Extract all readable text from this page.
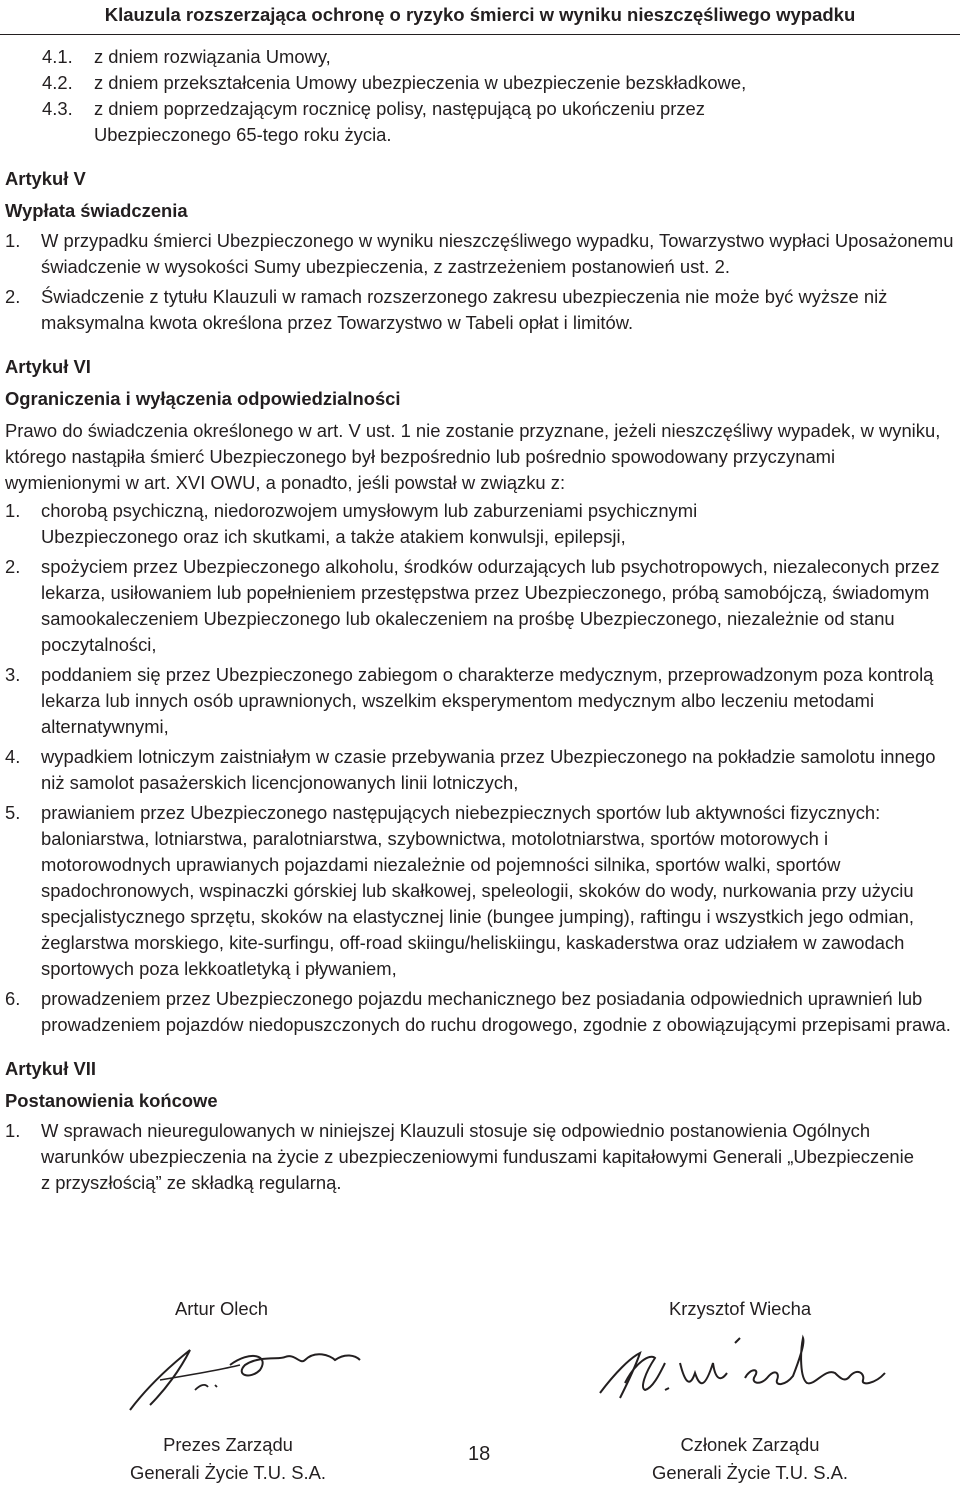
Klauzula rozszerzająca ochronę o ryzyko śmierci w wyniku nieszczęśliwego wypadku
4.1.	z dniem rozwiązania Umowy,
4.2.	z dniem przekształcenia Umowy ubezpieczenia w ubezpieczenie bezskładkowe,
4.3.	z dniem poprzedzającym rocznicę polisy, następującą po ukończeniu przez Ubezpieczonego 65-tego roku życia.

Artykuł V

Wypłata świadczenia

1.	W przypadku śmierci Ubezpieczonego w wyniku nieszczęśliwego wypadku, Towarzystwo wypłaci Uposażonemu świadczenie w wysokości Sumy ubezpieczenia, z zastrzeżeniem postanowień ust. 2.
2.	Świadczenie z tytułu Klauzuli w ramach rozszerzonego zakresu ubezpieczenia nie może być wyższe niż maksymalna kwota określona przez Towarzystwo w Tabeli opłat i limitów.

Artykuł VI

Ograniczenia i wyłączenia odpowiedzialności

Prawo do świadczenia określonego w art. V ust. 1 nie zostanie przyznane, jeżeli nieszczęśliwy wypadek, w wyniku, którego nastąpiła śmierć Ubezpieczonego był bezpośrednio lub pośrednio spowodowany przyczynami wymienionymi w art. XVI OWU, a ponadto, jeśli powstał w związku z:

1.	chorobą psychiczną, niedorozwojem umysłowym lub zaburzeniami psychicznymi Ubezpieczonego oraz ich skutkami, a także atakiem konwulsji, epilepsji,
2.	spożyciem przez Ubezpieczonego alkoholu, środków odurzających lub psychotropowych, niezaleconych przez lekarza, usiłowaniem lub popełnieniem przestępstwa przez Ubezpieczonego, próbą samobójczą, świadomym samookaleczeniem Ubezpieczonego lub okaleczeniem na prośbę Ubezpieczonego, niezależnie od stanu poczytalności,
3.	poddaniem się przez Ubezpieczonego zabiegom o charakterze medycznym, przeprowadzonym poza kontrolą lekarza lub innych osób uprawnionych, wszelkim eksperymentom medycznym albo leczeniu metodami alternatywnymi,
4.	wypadkiem lotniczym zaistniałym w czasie przebywania przez Ubezpieczonego na pokładzie samolotu innego niż samolot pasażerskich licencjonowanych linii lotniczych,
5.	prawianiem przez Ubezpieczonego następujących niebezpiecznych sportów lub aktywności fizycznych: baloniarstwa, lotniarstwa, paralotniarstwa, szybownictwa, motolotniarstwa, sportów motorowych i motorowodnych uprawianych pojazdami niezależnie od pojemności silnika, sportów walki, sportów spadochronowych, wspinaczki górskiej lub skałkowej, speleologii, skoków do wody, nurkowania przy użyciu specjalistycznego sprzętu, skoków na elastycznej linie (bungee jumping), raftingu i wszystkich jego odmian, żeglarstwa morskiego, kite-surfingu, off-road skiingu/heliskiingu, kaskaderstwa oraz udziałem w zawodach sportowych poza lekkoatletyką i pływaniem,
6.	prowadzeniem przez Ubezpieczonego pojazdu mechanicznego bez posiadania odpowiednich uprawnień lub prowadzeniem pojazdów niedopuszczonych do ruchu drogowego, zgodnie z obowiązującymi przepisami prawa.

Artykuł VII

Postanowienia końcowe

1.	W sprawach nieuregulowanych w niniejszej Klauzuli stosuje się odpowiednio postanowienia Ogólnych warunków ubezpieczenia na życie z ubezpieczeniowymi funduszami kapitałowymi Generali „Ubezpieczenie z przyszłością” ze składką regularną.
Artur Olech	Krzysztof Wiecha
Prezes Zarządu
Generali Życie T.U. S.A.
18	Członek Zarządu
Generali Życie T.U. S.A.
